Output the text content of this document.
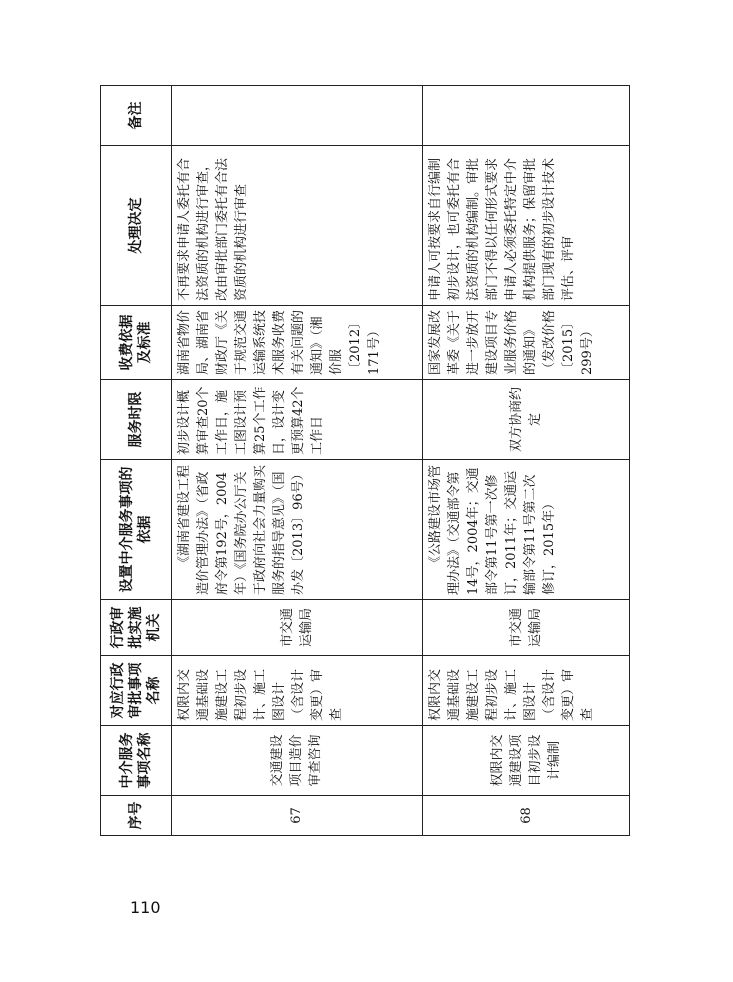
序号	中介服务事项名称	对应行政审批事项名称	行政审批实施机关	设置中介服务事项的依据	服务时限	收费依据及标准	处理决定	备注
67	交通建设项目造价审查咨询	权限内交通基础设施建设工程初步设计、施工图设计（含设计变更）审查	市交通运输局	《湖南省建设工程造价管理办法》（省政府令第192号，2004年）《国务院办公厅关于政府向社会力量购买服务的指导意见》（国办发〔2013〕96号）	初步设计概算审查20个工作日，施工图设计预算25个工作日，设计变更预算42个工作日	湖南省物价局、湖南省财政厅《关于规范交通运输系统技术服务收费有关问题的通知》（湘价服〔2012〕171号）	不再要求申请人委托有合法资质的机构进行审查，改由审批部门委托有合法资质的机构进行审查	
68	权限内交通建设项目初步设计编制	权限内交通基础设施建设工程初步设计、施工图设计（含设计变更）审查	市交通运输局	《公路建设市场管理办法》（交通部令第14号，2004年；交通部令第11号第一次修订，2011年；交通运输部令第11号第二次修订，2015年）	双方协商约定	国家发展改革委《关于进一步放开建设项目专业服务价格的通知》（发改价格〔2015〕299号）	申请人可按要求自行编制初步设计，也可委托有合法资质的机构编制。审批部门不得以任何形式要求申请人必须委托特定中介机构提供服务；保留审批部门现有的初步设计技术评估、评审	
110
